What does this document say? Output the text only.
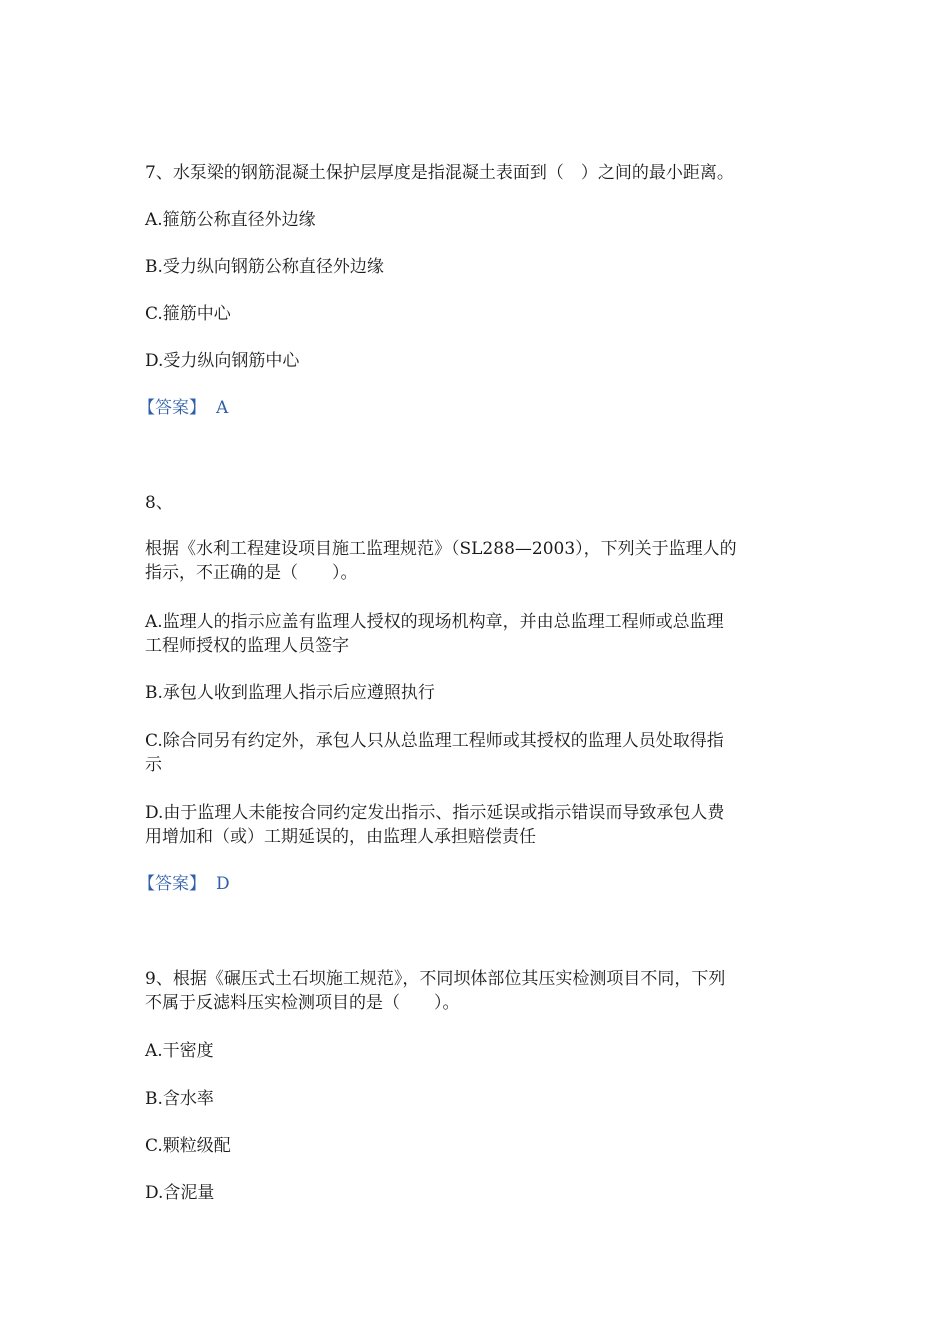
7、水泵梁的钢筋混凝土保护层厚度是指混凝土表面到（　）之间的最小距离。
A.箍筋公称直径外边缘
B.受力纵向钢筋公称直径外边缘
C.箍筋中心
D.受力纵向钢筋中心
【答案】 A
8、
根据《水利工程建设项目施工监理规范》（SL288—2003），下列关于监理人的
指示，不正确的是（　　）。
A.监理人的指示应盖有监理人授权的现场机构章，并由总监理工程师或总监理
工程师授权的监理人员签字
B.承包人收到监理人指示后应遵照执行
C.除合同另有约定外，承包人只从总监理工程师或其授权的监理人员处取得指
示
D.由于监理人未能按合同约定发出指示、指示延误或指示错误而导致承包人费
用增加和（或）工期延误的，由监理人承担赔偿责任
【答案】 D
9、根据《碾压式土石坝施工规范》，不同坝体部位其压实检测项目不同，下列
不属于反滤料压实检测项目的是（　　）。
A.干密度
B.含水率
C.颗粒级配
D.含泥量
